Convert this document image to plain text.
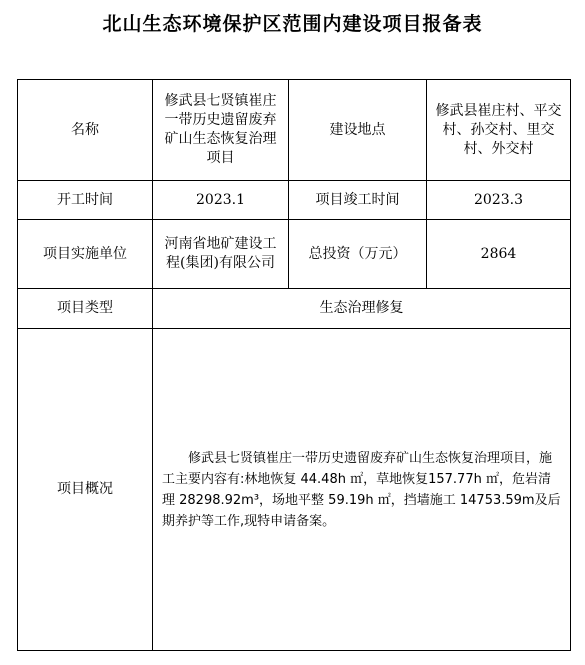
北山生态环境保护区范围内建设项目报备表
名称	修武县七贤镇崔庄一带历史遗留废弃矿山生态恢复治理项目	建设地点	修武县崔庄村、平交村、孙交村、里交村、外交村
开工时间	2023.1	项目竣工时间	2023.3
项目实施单位	河南省地矿建设工程(集团)有限公司	总投资（万元）	2864
项目类型	生态治理修复		
项目概况	修武县七贤镇崔庄一带历史遗留废弃矿山生态恢复治理项目，施工主要内容有:林地恢复 44.48h ㎡，草地恢复157.77h ㎡，危岩清理 28298.92m³，场地平整 59.19h ㎡，挡墙施工 14753.59m及后期养护等工作,现特申请备案。		
